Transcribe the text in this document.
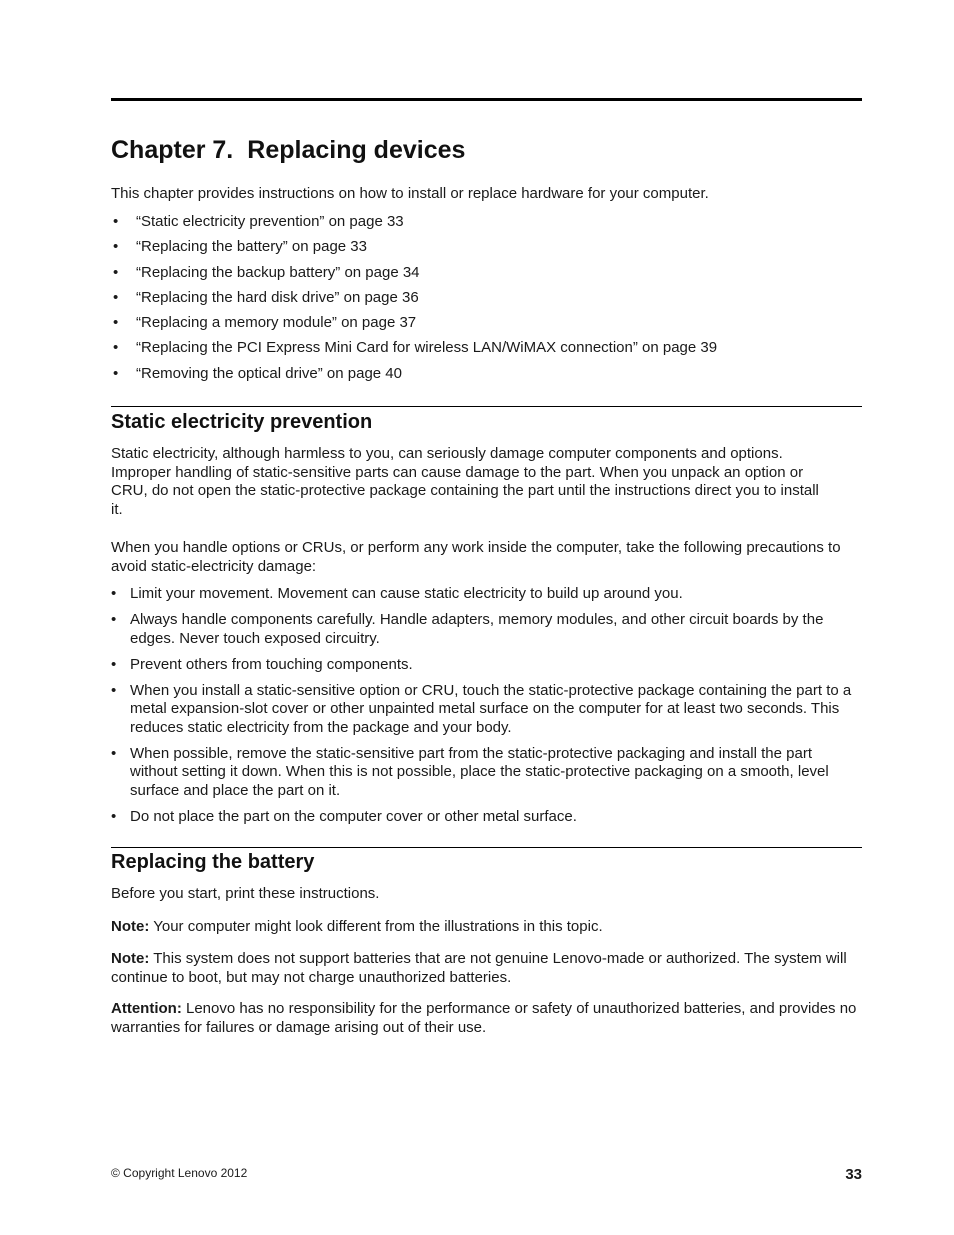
Chapter 7. Replacing devices

This chapter provides instructions on how to install or replace hardware for your computer.

• “Static electricity prevention” on page 33
• “Replacing the battery” on page 33
• “Replacing the backup battery” on page 34
• “Replacing the hard disk drive” on page 36
• “Replacing a memory module” on page 37
• “Replacing the PCI Express Mini Card for wireless LAN/WiMAX connection” on page 39
• “Removing the optical drive” on page 40
Static electricity prevention

Static electricity, although harmless to you, can seriously damage computer components and options. Improper handling of static-sensitive parts can cause damage to the part. When you unpack an option or CRU, do not open the static-protective package containing the part until the instructions direct you to install it.

When you handle options or CRUs, or perform any work inside the computer, take the following precautions to avoid static-electricity damage:

• Limit your movement. Movement can cause static electricity to build up around you.
• Always handle components carefully. Handle adapters, memory modules, and other circuit boards by the edges. Never touch exposed circuitry.
• Prevent others from touching components.
• When you install a static-sensitive option or CRU, touch the static-protective package containing the part to a metal expansion-slot cover or other unpainted metal surface on the computer for at least two seconds. This reduces static electricity from the package and your body.
• When possible, remove the static-sensitive part from the static-protective packaging and install the part without setting it down. When this is not possible, place the static-protective packaging on a smooth, level surface and place the part on it.
• Do not place the part on the computer cover or other metal surface.
Replacing the battery

Before you start, print these instructions.

Note: Your computer might look different from the illustrations in this topic.

Note: This system does not support batteries that are not genuine Lenovo-made or authorized. The system will continue to boot, but may not charge unauthorized batteries.

Attention: Lenovo has no responsibility for the performance or safety of unauthorized batteries, and provides no warranties for failures or damage arising out of their use.

© Copyright Lenovo 2012	33
